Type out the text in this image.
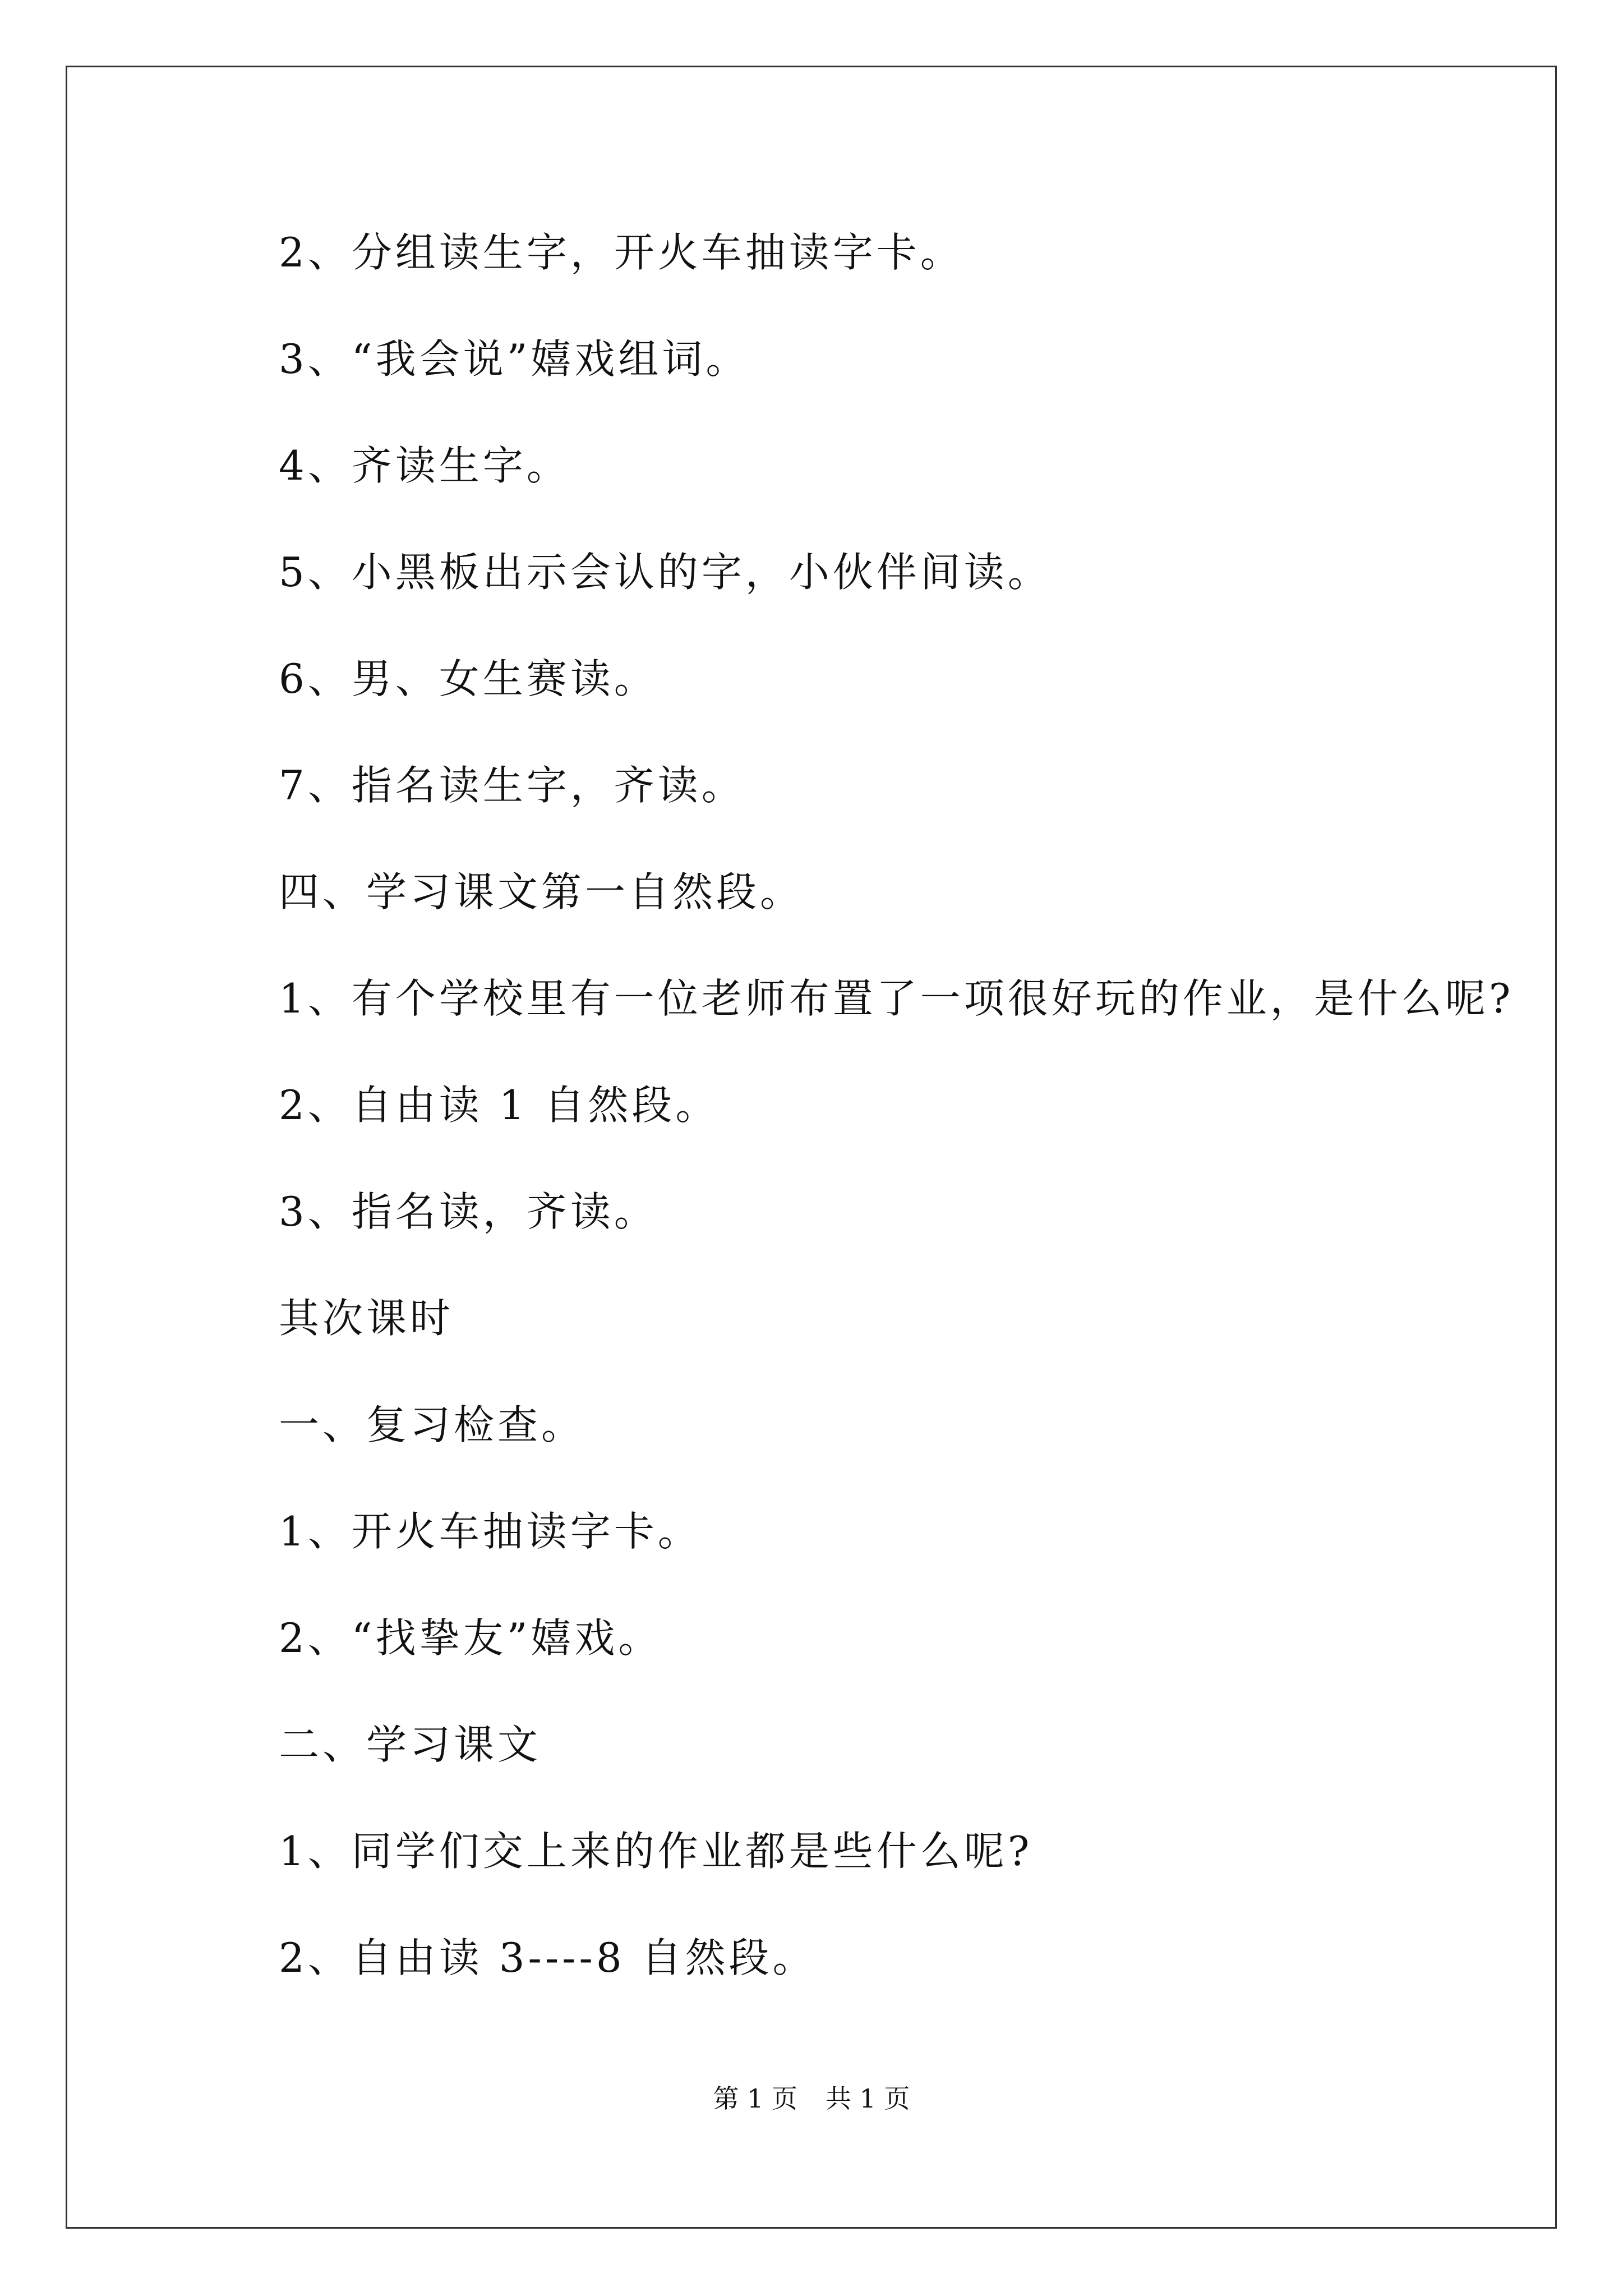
2、分组读生字，开火车抽读字卡。
3、“我会说”嬉戏组词。
4、齐读生字。
5、小黑板出示会认的字，小伙伴间读。
6、男、女生赛读。
7、指名读生字，齐读。
四、学习课文第一自然段。
1、有个学校里有一位老师布置了一项很好玩的作业，是什么呢?
2、自由读 1 自然段。
3、指名读，齐读。
其次课时
一、复习检查。
1、开火车抽读字卡。
2、“找挚友”嬉戏。
二、学习课文
1、同学们交上来的作业都是些什么呢?
2、自由读 3----8 自然段。
第 1 页 共 1 页
